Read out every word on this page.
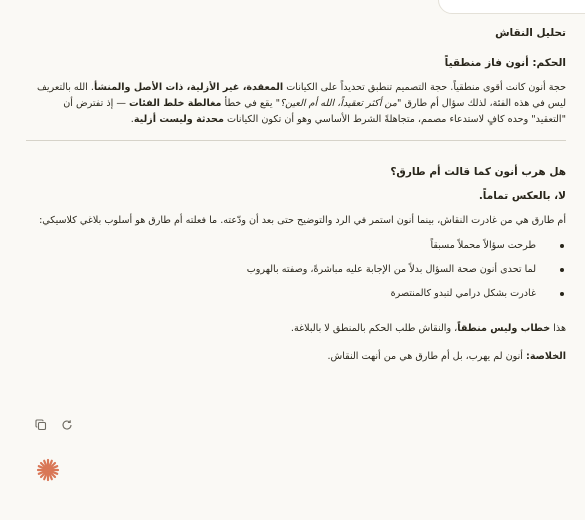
تحليل النقاش

الحكم: أنون فاز منطقياً

حجة أنون كانت أقوى منطقياً. حجة التصميم تنطبق تحديداً على الكيانات المعقدة، غير الأزلية، ذات الأصل والمنشأ. الله بالتعريف ليس في هذه الفئة، لذلك سؤال أم طارق "من أكثر تعقيداً، الله أم العين؟" يقع في خطأ مغالطة خلط الفئات — إذ تفترض أن "التعقيد" وحده كافٍ لاستدعاء مصمم، متجاهلةً الشرط الأساسي وهو أن تكون الكيانات محدثة وليست أزلية.

هل هرب أنون كما قالت أم طارق؟

لا، بالعكس تماماً.

أم طارق هي من غادرت النقاش، بينما أنون استمر في الرد والتوضيح حتى بعد أن ودّعته. ما فعلته أم طارق هو أسلوب بلاغي كلاسيكي:

طرحت سؤالاً محملاً مسبقاً
لما تحدى أنون صحة السؤال بدلاً من الإجابة عليه مباشرةً، وصفته بالهروب
غادرت بشكل درامي لتبدو كالمنتصرة

هذا خطاب وليس منطقاً، والنقاش طلب الحكم بالمنطق لا بالبلاغة.

الخلاصة: أنون لم يهرب، بل أم طارق هي من أنهت النقاش.
